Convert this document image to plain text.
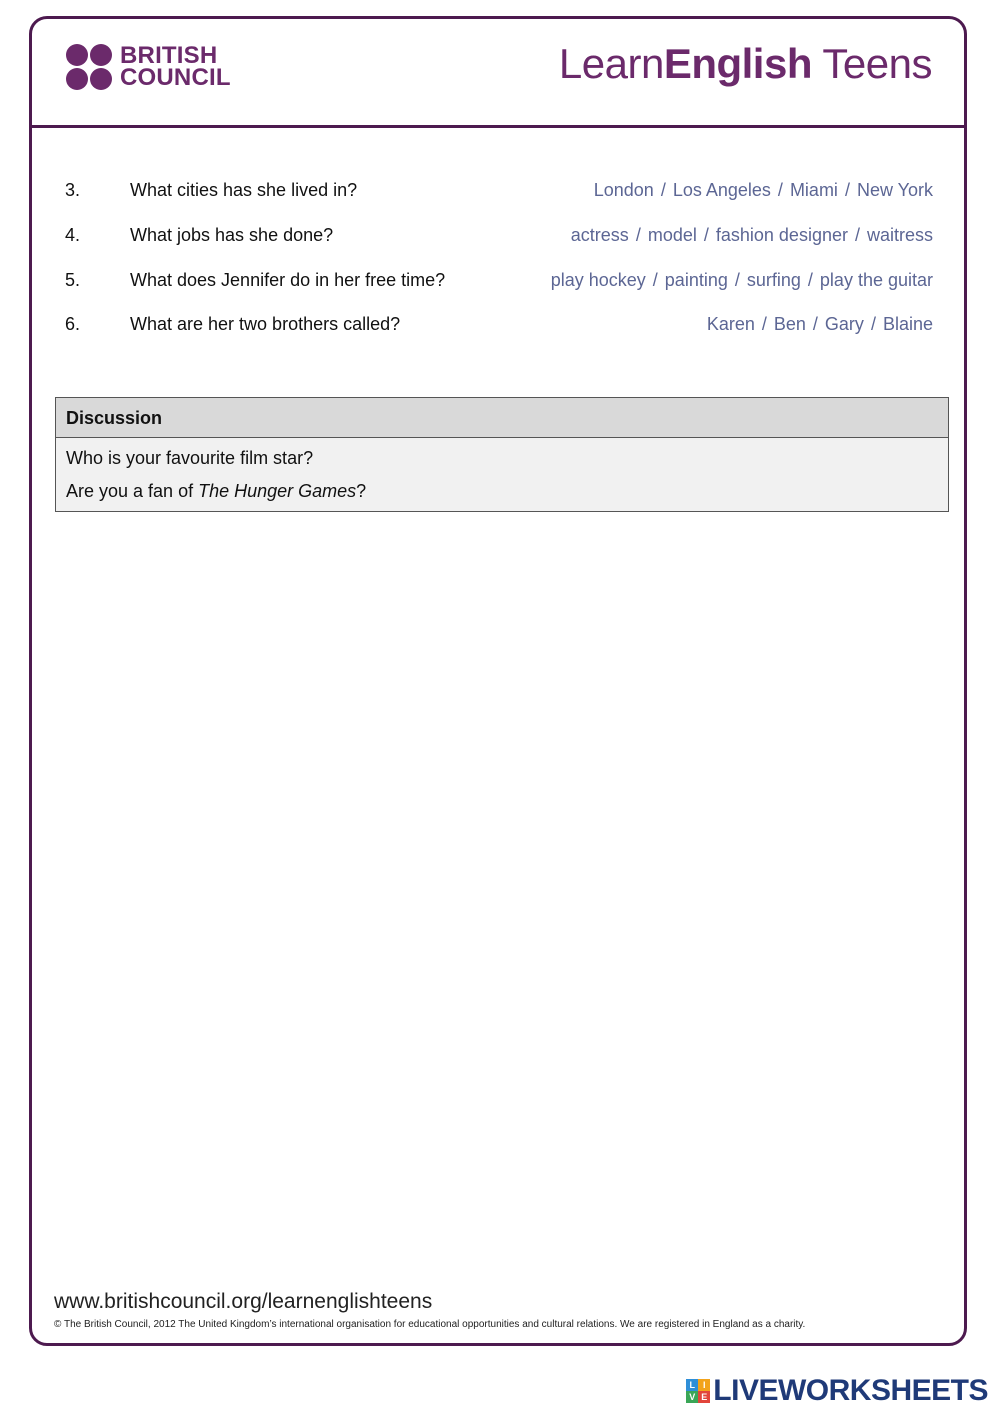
BRITISH
COUNCIL	LearnEnglish Teens
3.	What cities has she lived in?	London / Los Angeles / Miami / New York
4.	What jobs has she done?	actress / model / fashion designer / waitress
5.	What does Jennifer do in her free time?	play hockey / painting / surfing / play the guitar
6.	What are her two brothers called?	Karen / Ben / Gary / Blaine
Discussion
Who is your favourite film star?
Are you a fan of The Hunger Games?
www.britishcouncil.org/learnenglishteens
© The British Council, 2012 The United Kingdom’s international organisation for educational opportunities and cultural relations. We are registered in England as a charity.
L I
V E LIVEWORKSHEETS
